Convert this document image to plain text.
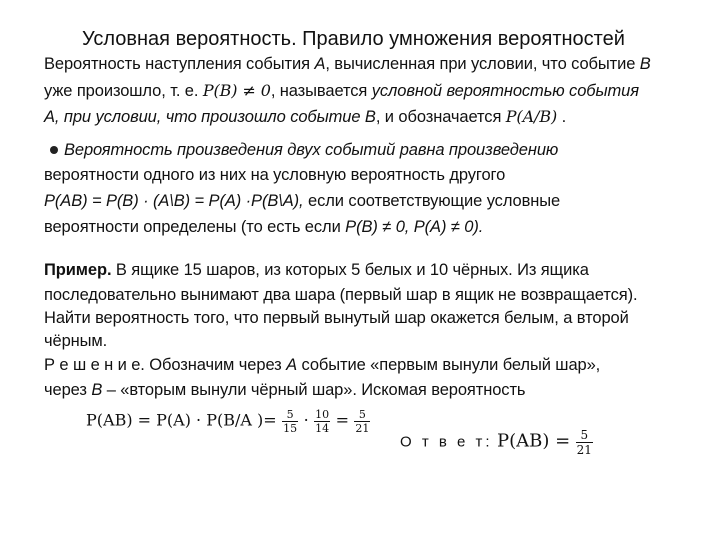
Условная вероятность. Правило умножения вероятностей
Вероятность наступления события A, вычисленная при условии, что событие B
уже произошло, т. е. P(B) ≠ 0, называется условной вероятностью события
A, при условии, что произошло событие В, и обозначается P(A/B) .
Вероятность произведения двух событий равна произведению
вероятности одного из них на условную вероятность другого
P(AB) = P(B) · (A\B) = P(A) ·P(B\A), если соответствующие условные
вероятности определены (то есть если P(B) ≠ 0, P(A) ≠ 0).
Пример. В ящике 15 шаров, из которых 5 белых и 10 чёрных. Из ящика
последовательно вынимают два шара (первый шар в ящик не возвращается).
Найти вероятность того, что первый вынутый шар окажется белым, а второй
чёрным.
Р е ш е н и е. Обозначим через A событие «первым вынули белый шар»,
через B – «вторым вынули чёрный шар». Искомая вероятность
P(AB) = P(A) · P(B/A )= $\frac{5}{15} \cdot \frac{10}{14} = \frac{5}{21}$
О т в е т: $P(AB) = \frac{5}{21}$
